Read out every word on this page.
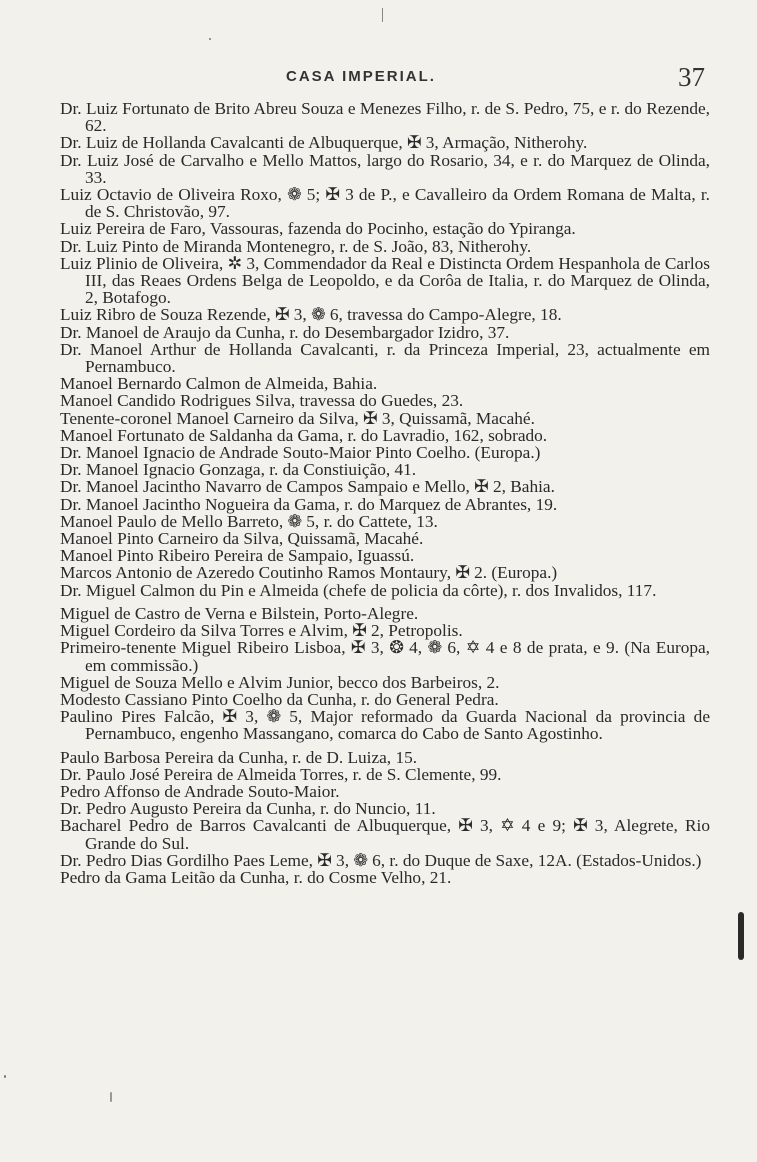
CASA IMPERIAL.	37

Dr. Luiz Fortunato de Brito Abreu Souza e Menezes Filho, r. de S. Pedro, 75, e r. do Rezende, 62.

Dr. Luiz de Hollanda Cavalcanti de Albuquerque, ✠ 3, Armação, Nitherohy.

Dr. Luiz José de Carvalho e Mello Mattos, largo do Rosario, 34, e r. do Marquez de Olinda, 33.

Luiz Octavio de Oliveira Roxo, ❁ 5; ✠ 3 de P., e Cavalleiro da Ordem Romana de Malta, r. de S. Christovão, 97.

Luiz Pereira de Faro, Vassouras, fazenda do Pocinho, estação do Ypiranga.

Dr. Luiz Pinto de Miranda Montenegro, r. de S. João, 83, Nitherohy.

Luiz Plinio de Oliveira, ✲ 3, Commendador da Real e Distincta Ordem Hespanhola de Carlos III, das Reaes Ordens Belga de Leopoldo, e da Corôa de Italia, r. do Marquez de Olinda, 2, Botafogo.

Luiz Ribro de Souza Rezende, ✠ 3, ❁ 6, travessa do Campo-Alegre, 18.

Dr. Manoel de Araujo da Cunha, r. do Desembargador Izidro, 37.

Dr. Manoel Arthur de Hollanda Cavalcanti, r. da Princeza Imperial, 23, actualmente em Pernambuco.

Manoel Bernardo Calmon de Almeida, Bahia.

Manoel Candido Rodrigues Silva, travessa do Guedes, 23.

Tenente-coronel Manoel Carneiro da Silva, ✠ 3, Quissamã, Macahé.

Manoel Fortunato de Saldanha da Gama, r. do Lavradio, 162, sobrado.

Dr. Manoel Ignacio de Andrade Souto-Maior Pinto Coelho. (Europa.)

Dr. Manoel Ignacio Gonzaga, r. da Constiuição, 41.

Dr. Manoel Jacintho Navarro de Campos Sampaio e Mello, ✠ 2, Bahia.

Dr. Manoel Jacintho Nogueira da Gama, r. do Marquez de Abrantes, 19.

Manoel Paulo de Mello Barreto, ❁ 5, r. do Cattete, 13.

Manoel Pinto Carneiro da Silva, Quissamã, Macahé.

Manoel Pinto Ribeiro Pereira de Sampaio, Iguassú.

Marcos Antonio de Azeredo Coutinho Ramos Montaury, ✠ 2. (Europa.)

Dr. Miguel Calmon du Pin e Almeida (chefe de policia da côrte), r. dos Invalidos, 117.

Miguel de Castro de Verna e Bilstein, Porto-Alegre.

Miguel Cordeiro da Silva Torres e Alvim, ✠ 2, Petropolis.

Primeiro-tenente Miguel Ribeiro Lisboa, ✠ 3, ❂ 4, ❁ 6, ✡ 4 e 8 de prata, e 9. (Na Europa, em commissão.)

Miguel de Souza Mello e Alvim Junior, becco dos Barbeiros, 2.

Modesto Cassiano Pinto Coelho da Cunha, r. do General Pedra.

Paulino Pires Falcão, ✠ 3, ❁ 5, Major reformado da Guarda Nacional da provincia de Pernambuco, engenho Massangano, comarca do Cabo de Santo Agostinho.

Paulo Barbosa Pereira da Cunha, r. de D. Luiza, 15.

Dr. Paulo José Pereira de Almeida Torres, r. de S. Clemente, 99.

Pedro Affonso de Andrade Souto-Maior.

Dr. Pedro Augusto Pereira da Cunha, r. do Nuncio, 11.

Bacharel Pedro de Barros Cavalcanti de Albuquerque, ✠ 3, ✡ 4 e 9; ✠ 3, Alegrete, Rio Grande do Sul.

Dr. Pedro Dias Gordilho Paes Leme, ✠ 3, ❁ 6, r. do Duque de Saxe, 12A. (Estados-Unidos.)

Pedro da Gama Leitão da Cunha, r. do Cosme Velho, 21.
